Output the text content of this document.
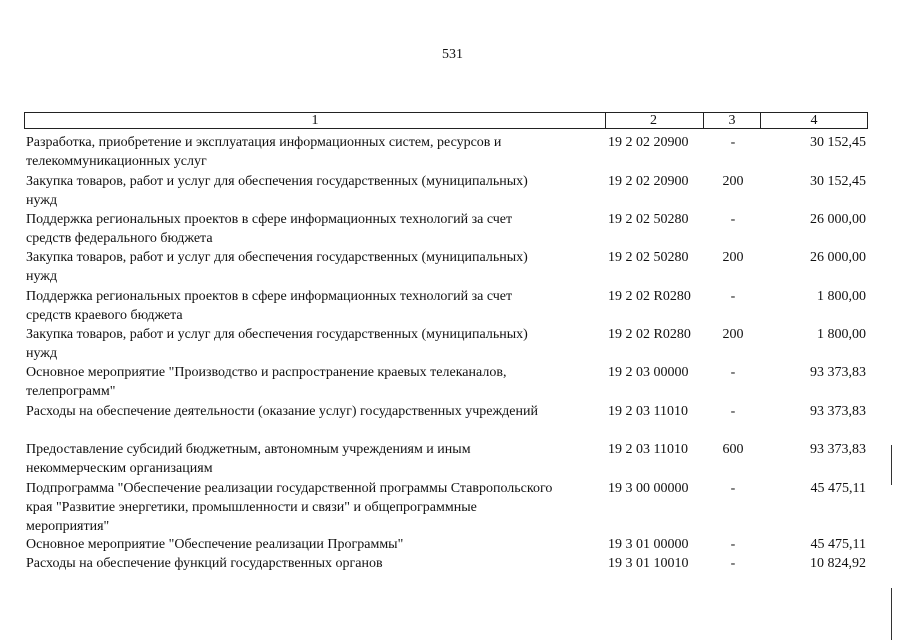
531
1	2	3	4
Разработка, приобретение и эксплуатация информационных систем, ресурсов и
телекоммуникационных услуг
19 2 02 20900	-	30 152,45
Закупка товаров, работ и услуг для обеспечения государственных (муниципальных)
нужд
19 2 02 20900	200	30 152,45
Поддержка региональных проектов в сфере информационных технологий за счет
средств федерального бюджета
19 2 02 50280	-	26 000,00
Закупка товаров, работ и услуг для обеспечения государственных (муниципальных)
нужд
19 2 02 50280	200	26 000,00
Поддержка региональных проектов в сфере информационных технологий за счет
средств краевого бюджета
19 2 02 R0280	-	1 800,00
Закупка товаров, работ и услуг для обеспечения государственных (муниципальных)
нужд
19 2 02 R0280	200	1 800,00
Основное мероприятие "Производство и распространение краевых телеканалов,
телепрограмм"
19 2 03 00000	-	93 373,83
Расходы на обеспечение деятельности (оказание услуг) государственных учреждений	19 2 03 11010	-	93 373,83
Предоставление субсидий бюджетным, автономным учреждениям и иным
некоммерческим организациям
19 2 03 11010	600	93 373,83
Подпрограмма "Обеспечение реализации государственной программы Ставропольского
края "Развитие энергетики, промышленности и связи" и общепрограммные
мероприятия"
19 3 00 00000	-	45 475,11
Основное мероприятие "Обеспечение реализации Программы"	19 3 01 00000	-	45 475,11
Расходы на обеспечение функций государственных органов	19 3 01 10010	-	10 824,92
